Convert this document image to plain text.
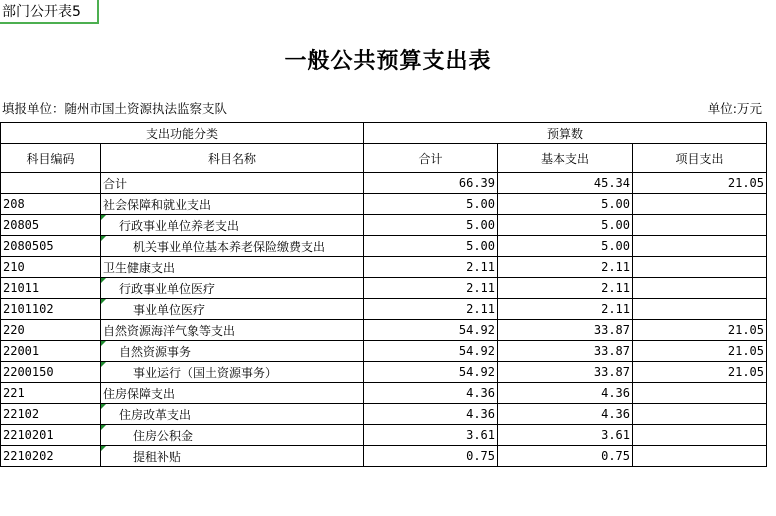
部门公开表5
一般公共预算支出表
填报单位：随州市国土资源执法监察支队	单位:万元
支出功能分类		预算数		
科目编码	科目名称	合计	基本支出	项目支出
	合计	66.39	45.34	21.05
208	社会保障和就业支出	5.00	5.00	
20805	行政事业单位养老支出	5.00	5.00	
2080505	机关事业单位基本养老保险缴费支出	5.00	5.00	
210	卫生健康支出	2.11	2.11	
21011	行政事业单位医疗	2.11	2.11	
2101102	事业单位医疗	2.11	2.11	
220	自然资源海洋气象等支出	54.92	33.87	21.05
22001	自然资源事务	54.92	33.87	21.05
2200150	事业运行（国土资源事务）	54.92	33.87	21.05
221	住房保障支出	4.36	4.36	
22102	住房改革支出	4.36	4.36	
2210201	住房公积金	3.61	3.61	
2210202	提租补贴	0.75	0.75	
